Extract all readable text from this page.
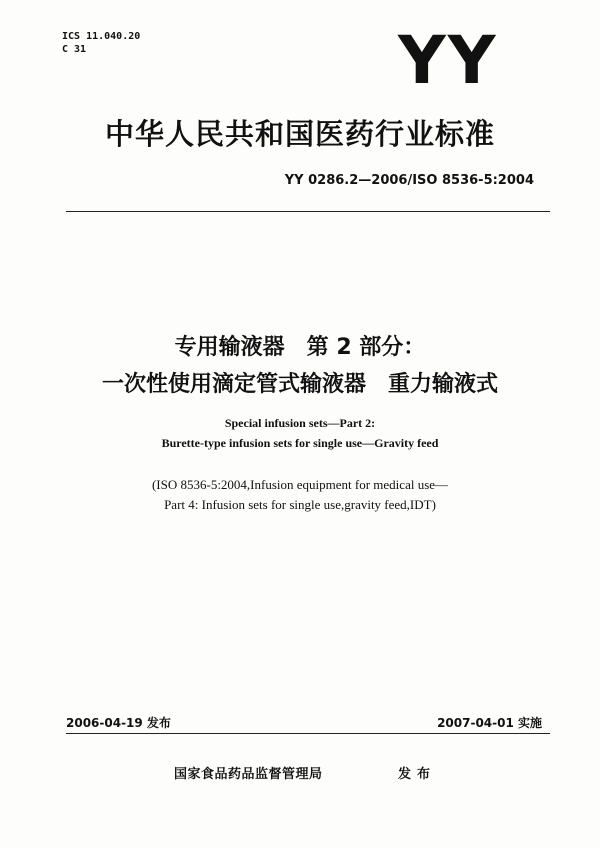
ICS 11.040.20
C 31	YY
中华人民共和国医药行业标准
YY 0286.2—2006/ISO 8536-5:2004
专用输液器　第 2 部分：
一次性使用滴定管式输液器　重力输液式
Special infusion sets—Part 2:
Burette-type infusion sets for single use—Gravity feed
(ISO 8536-5:2004,Infusion equipment for medical use—
Part 4: Infusion sets for single use,gravity feed,IDT)
2006-04-19 发布	2007-04-01 实施
国家食品药品监督管理局	发布
